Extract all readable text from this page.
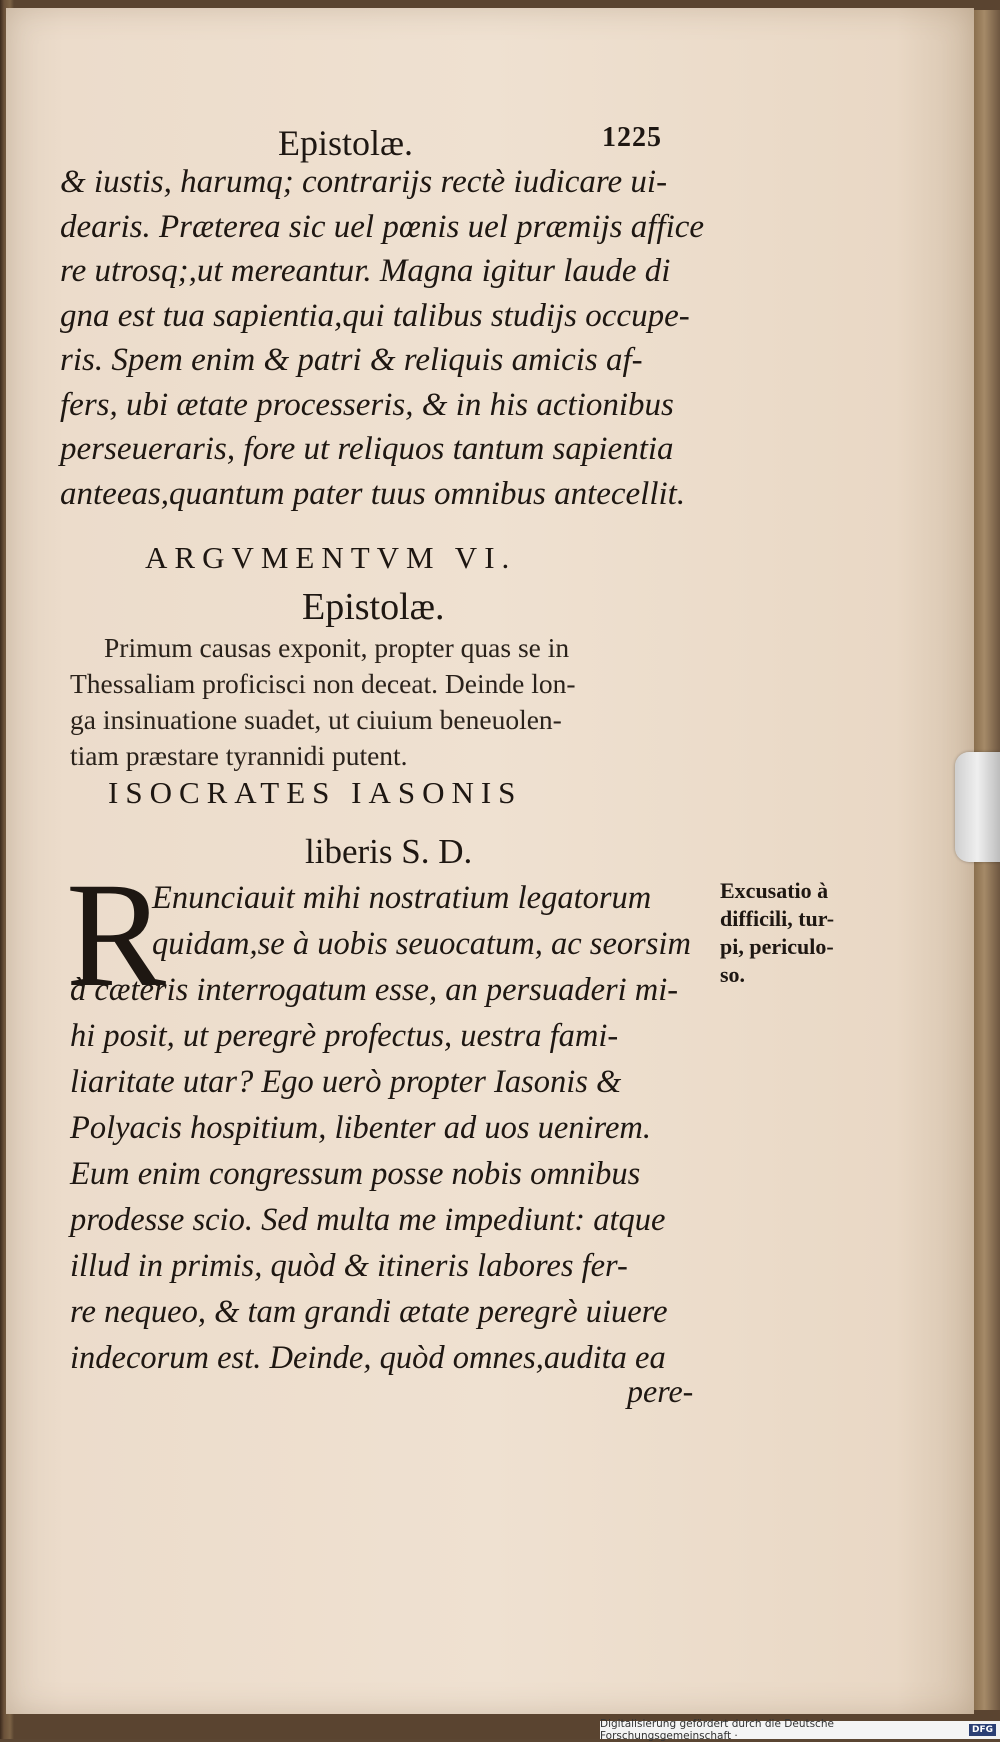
Epistolæ.	1225
& iustis, harumq; contrarijs rectè iudicare ui-
dearis. Præterea sic uel pœnis uel præmijs affice
re utrosq;,ut mereantur. Magna igitur laude di
gna est tua sapientia,qui talibus studijs occupe-
ris. Spem enim & patri & reliquis amicis af-
fers, ubi ætate processeris, & in his actionibus
perseueraris, fore ut reliquos tantum sapientia
anteeas,quantum pater tuus omnibus antecellit.
ARGVMENTVM VI.
Epistolæ.
Primum causas exponit, propter quas se in
Thessaliam proficisci non deceat. Deinde lon-
ga insinuatione suadet, ut ciuium beneuolen-
tiam præstare tyrannidi putent.
ISOCRATES IASONIS
liberis S. D.
R
Enunciauit mihi nostratium legatorum
quidam,se à uobis seuocatum, ac seorsim
à cæteris interrogatum esse, an persuaderi mi-
hi posit, ut peregrè profectus, uestra fami-
liaritate utar? Ego uerò propter Iasonis &
Polyacis hospitium, libenter ad uos uenirem.
Eum enim congressum posse nobis omnibus
prodesse scio. Sed multa me impediunt: atque
illud in primis, quòd & itineris labores fer-
re nequeo, & tam grandi ætate peregrè uiuere
indecorum est. Deinde, quòd omnes,audita ea
pere-
Excusatio à
difficili, tur-
pi, periculo-
so.
Digitalisierung gefördert durch die Deutsche Forschungsgemeinschaft ·	DFG
